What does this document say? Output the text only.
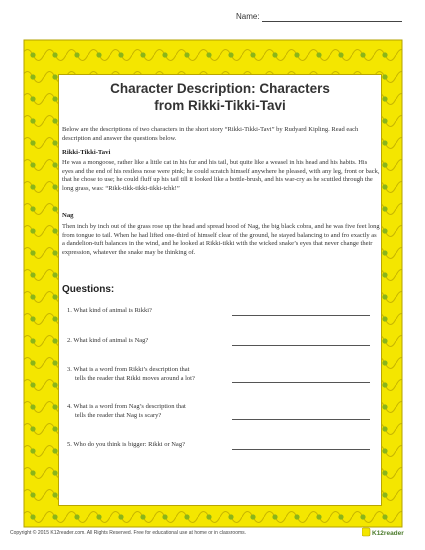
Name:
Character Description: Characters
from Rikki-Tikki-Tavi
Below are the descriptions of two characters in the short story “Rikki-Tikki-Tavi” by Rudyard Kipling. Read each description and answer the questions below.
Rikki-Tikki-Tavi
He was a mongoose, rather like a little cat in his fur and his tail, but quite like a weasel in his head and his habits. His eyes and the end of his restless nose were pink; he could scratch himself anywhere he pleased, with any leg, front or back, that he chose to use; he could fluff up his tail till it looked like a bottle-brush, and his war-cry as he scuttled through the long grass, was: “Rikk-tikk-tikki-tikki-tchk!”
Nag
Then inch by inch out of the grass rose up the head and spread hood of Nag, the big black cobra, and he was five feet long from tongue to tail. When he had lifted one-third of himself clear of the ground, he stayed balancing to and fro exactly as a dandelion-tuft balances in the wind, and he looked at Rikki-tikki with the wicked snake’s eyes that never change their expression, whatever the snake may be thinking of.
Questions:
1. What kind of animal is Rikki?
2. What kind of animal is Nag?
3. What is a word from Rikki’s description that
tells the reader that Rikki moves around a lot?
4. What is a word from Nag’s description that
tells the reader that Nag is scary?
5. Who do you think is bigger: Rikki or Nag?
Copyright © 2015 K12reader.com. All Rights Reserved. Free for educational use at home or in classrooms.	K12reader
